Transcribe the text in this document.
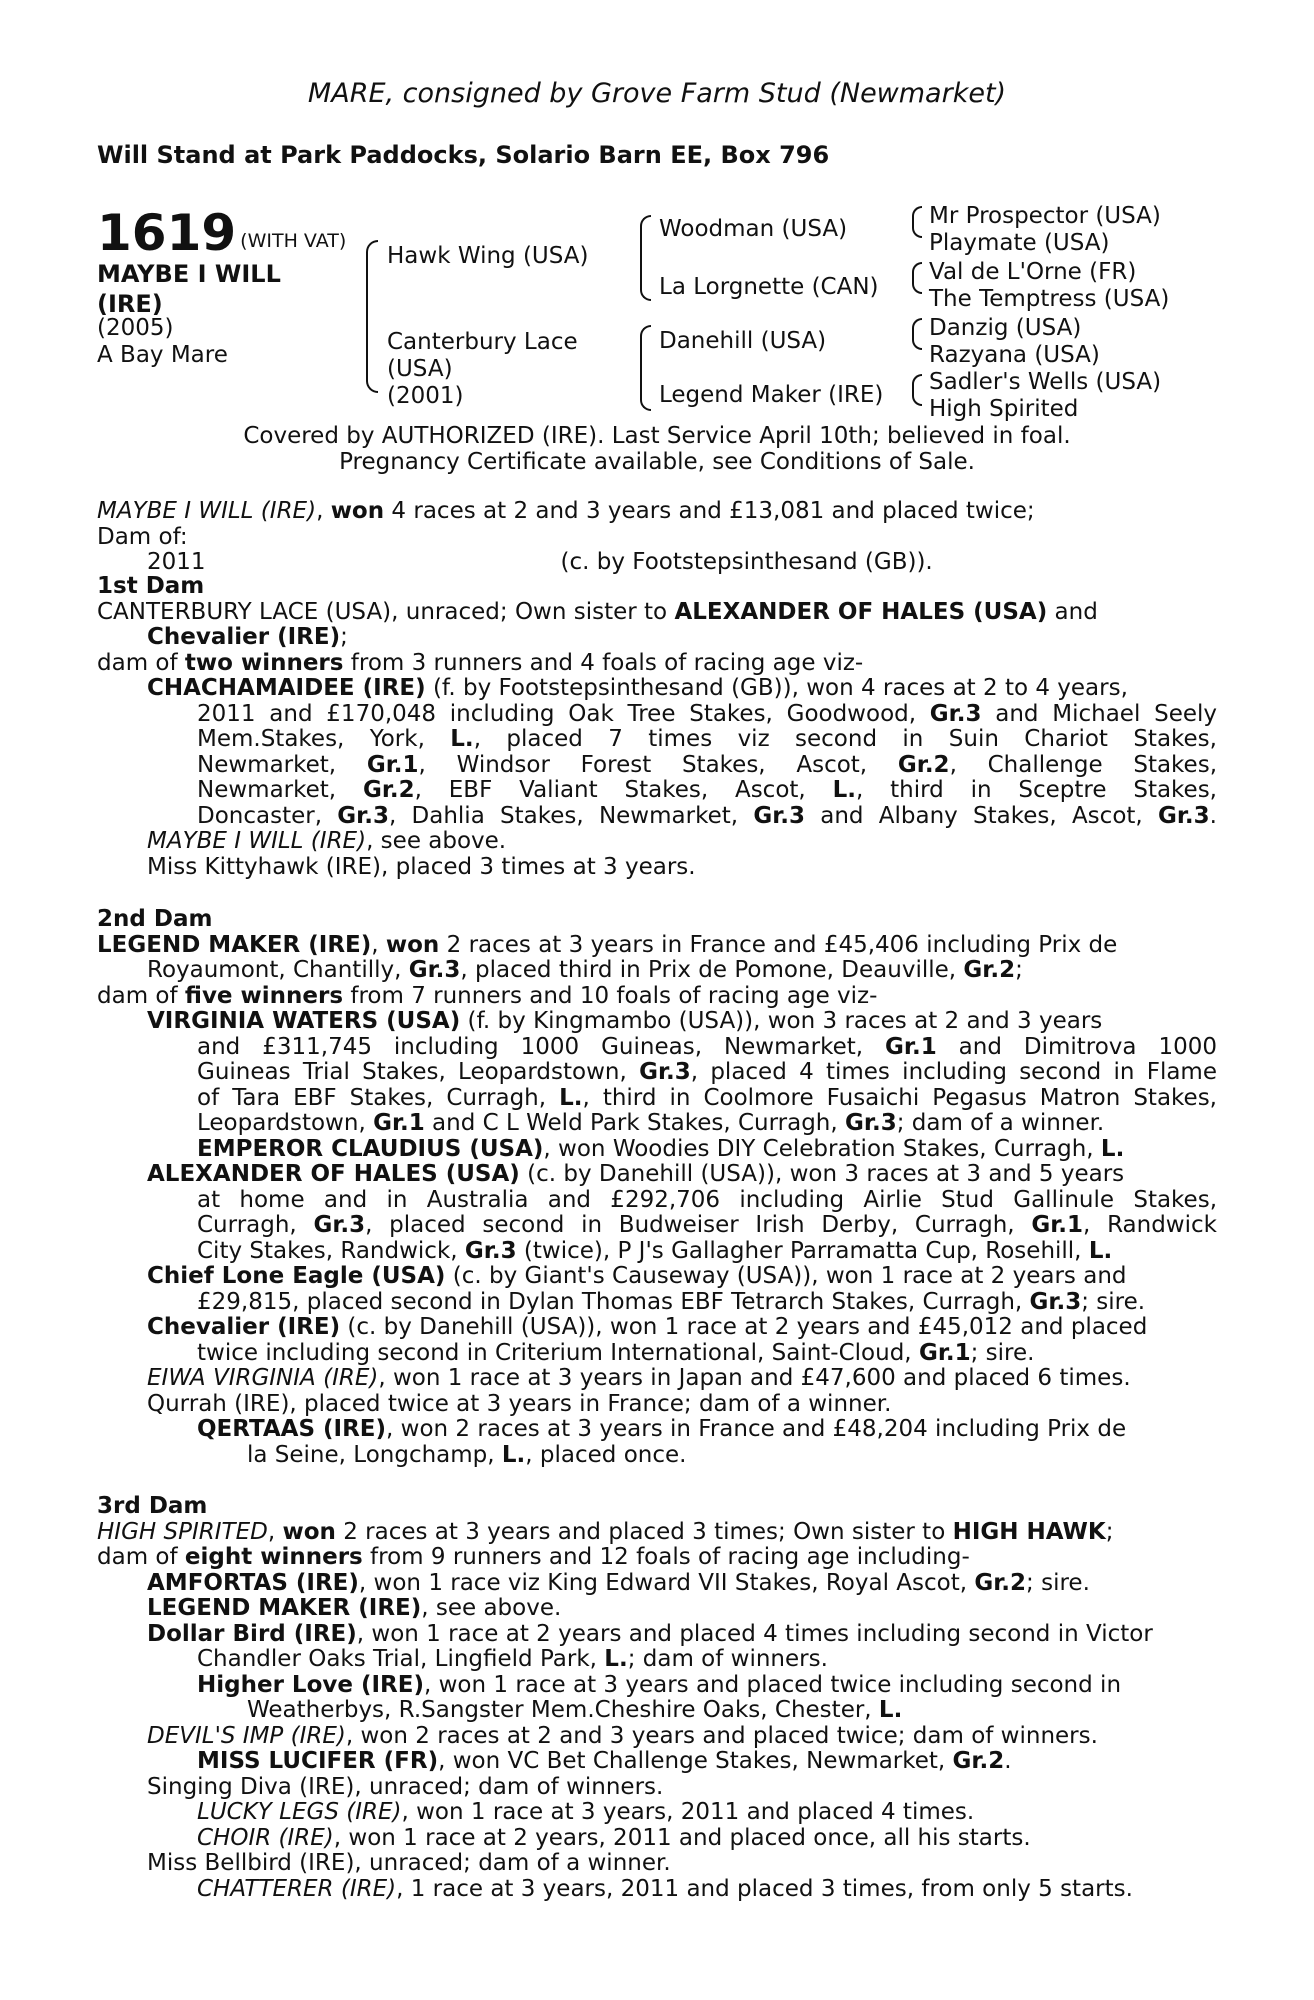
MARE, consigned by Grove Farm Stud (Newmarket)
Will Stand at Park Paddocks, Solario Barn EE, Box 796
1619 (WITH VAT)
MAYBE I WILL
(IRE)
(2005)
A Bay Mare
Hawk Wing (USA)
Canterbury Lace
(USA)
(2001)
Woodman (USA)
La Lorgnette (CAN)
Danehill (USA)
Legend Maker (IRE)
Mr Prospector (USA)
Playmate (USA)
Val de L'Orne (FR)
The Temptress (USA)
Danzig (USA)
Razyana (USA)
Sadler's Wells (USA)
High Spirited
Covered by AUTHORIZED (IRE). Last Service April 10th; believed in foal.
Pregnancy Certificate available, see Conditions of Sale.
MAYBE I WILL (IRE), won 4 races at 2 and 3 years and £13,081 and placed twice;
Dam of:
2011	(c. by Footstepsinthesand (GB)).
1st Dam
CANTERBURY LACE (USA), unraced; Own sister to ALEXANDER OF HALES (USA) and
Chevalier (IRE);
dam of two winners from 3 runners and 4 foals of racing age viz-
CHACHAMAIDEE (IRE) (f. by Footstepsinthesand (GB)), won 4 races at 2 to 4 years,
2011 and £170,048 including Oak Tree Stakes, Goodwood, Gr.3 and Michael Seely
Mem.Stakes, York, L., placed 7 times viz second in Suin Chariot Stakes,
Newmarket, Gr.1, Windsor Forest Stakes, Ascot, Gr.2, Challenge Stakes,
Newmarket, Gr.2, EBF Valiant Stakes, Ascot, L., third in Sceptre Stakes,
Doncaster, Gr.3, Dahlia Stakes, Newmarket, Gr.3 and Albany Stakes, Ascot, Gr.3.
MAYBE I WILL (IRE), see above.
Miss Kittyhawk (IRE), placed 3 times at 3 years.
2nd Dam
LEGEND MAKER (IRE), won 2 races at 3 years in France and £45,406 including Prix de
Royaumont, Chantilly, Gr.3, placed third in Prix de Pomone, Deauville, Gr.2;
dam of five winners from 7 runners and 10 foals of racing age viz-
VIRGINIA WATERS (USA) (f. by Kingmambo (USA)), won 3 races at 2 and 3 years
and £311,745 including 1000 Guineas, Newmarket, Gr.1 and Dimitrova 1000
Guineas Trial Stakes, Leopardstown, Gr.3, placed 4 times including second in Flame
of Tara EBF Stakes, Curragh, L., third in Coolmore Fusaichi Pegasus Matron Stakes,
Leopardstown, Gr.1 and C L Weld Park Stakes, Curragh, Gr.3; dam of a winner.
EMPEROR CLAUDIUS (USA), won Woodies DIY Celebration Stakes, Curragh, L.
ALEXANDER OF HALES (USA) (c. by Danehill (USA)), won 3 races at 3 and 5 years
at home and in Australia and £292,706 including Airlie Stud Gallinule Stakes,
Curragh, Gr.3, placed second in Budweiser Irish Derby, Curragh, Gr.1, Randwick
City Stakes, Randwick, Gr.3 (twice), P J's Gallagher Parramatta Cup, Rosehill, L.
Chief Lone Eagle (USA) (c. by Giant's Causeway (USA)), won 1 race at 2 years and
£29,815, placed second in Dylan Thomas EBF Tetrarch Stakes, Curragh, Gr.3; sire.
Chevalier (IRE) (c. by Danehill (USA)), won 1 race at 2 years and £45,012 and placed
twice including second in Criterium International, Saint-Cloud, Gr.1; sire.
EIWA VIRGINIA (IRE), won 1 race at 3 years in Japan and £47,600 and placed 6 times.
Qurrah (IRE), placed twice at 3 years in France; dam of a winner.
QERTAAS (IRE), won 2 races at 3 years in France and £48,204 including Prix de
la Seine, Longchamp, L., placed once.
3rd Dam
HIGH SPIRITED, won 2 races at 3 years and placed 3 times; Own sister to HIGH HAWK;
dam of eight winners from 9 runners and 12 foals of racing age including-
AMFORTAS (IRE), won 1 race viz King Edward VII Stakes, Royal Ascot, Gr.2; sire.
LEGEND MAKER (IRE), see above.
Dollar Bird (IRE), won 1 race at 2 years and placed 4 times including second in Victor
Chandler Oaks Trial, Lingfield Park, L.; dam of winners.
Higher Love (IRE), won 1 race at 3 years and placed twice including second in
Weatherbys, R.Sangster Mem.Cheshire Oaks, Chester, L.
DEVIL'S IMP (IRE), won 2 races at 2 and 3 years and placed twice; dam of winners.
MISS LUCIFER (FR), won VC Bet Challenge Stakes, Newmarket, Gr.2.
Singing Diva (IRE), unraced; dam of winners.
LUCKY LEGS (IRE), won 1 race at 3 years, 2011 and placed 4 times.
CHOIR (IRE), won 1 race at 2 years, 2011 and placed once, all his starts.
Miss Bellbird (IRE), unraced; dam of a winner.
CHATTERER (IRE), 1 race at 3 years, 2011 and placed 3 times, from only 5 starts.
